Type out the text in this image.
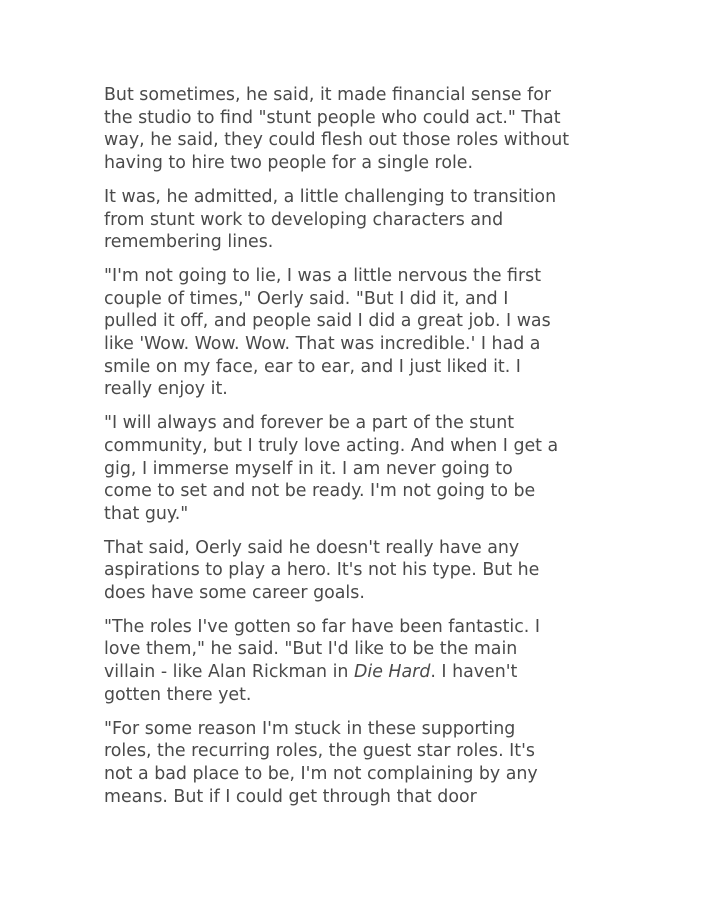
But sometimes, he said, it made financial sense for
the studio to find "stunt people who could act." That
way, he said, they could flesh out those roles without
having to hire two people for a single role.

It was, he admitted, a little challenging to transition
from stunt work to developing characters and
remembering lines.

"I'm not going to lie, I was a little nervous the first
couple of times," Oerly said. "But I did it, and I
pulled it off, and people said I did a great job. I was
like 'Wow. Wow. Wow. That was incredible.' I had a
smile on my face, ear to ear, and I just liked it. I
really enjoy it.

"I will always and forever be a part of the stunt
community, but I truly love acting. And when I get a
gig, I immerse myself in it. I am never going to
come to set and not be ready. I'm not going to be
that guy."

That said, Oerly said he doesn't really have any
aspirations to play a hero. It's not his type. But he
does have some career goals.

"The roles I've gotten so far have been fantastic. I
love them," he said. "But I'd like to be the main
villain - like Alan Rickman in Die Hard. I haven't
gotten there yet.

"For some reason I'm stuck in these supporting
roles, the recurring roles, the guest star roles. It's
not a bad place to be, I'm not complaining by any
means. But if I could get through that door
